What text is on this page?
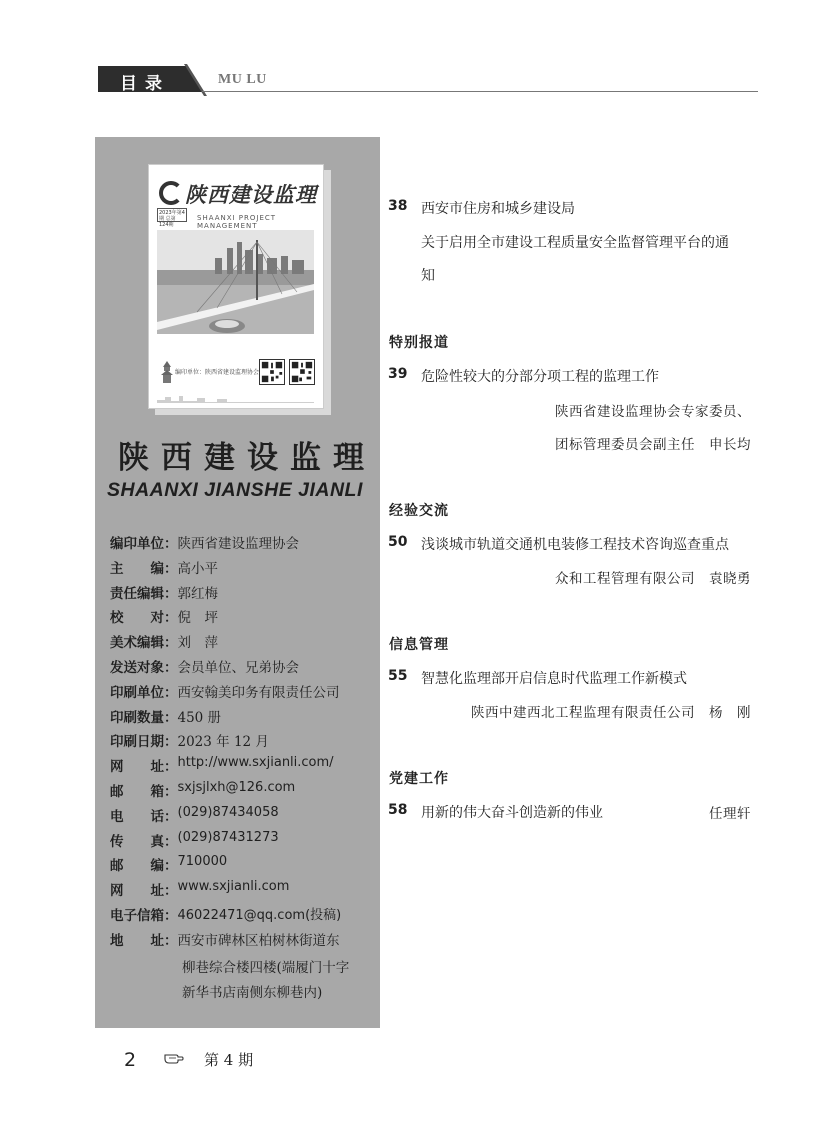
目录	MU LU
陕西建设监理
2023年第4期 总第124期
SHAANXI PROJECT MANAGEMENT
编印单位：陕西省建设监理协会
陕西建设监理
SHAANXI JIANSHE JIANLI
编印单位： 陕西省建设监理协会
主　　编： 高小平
责任编辑： 郭红梅
校　　对： 倪　坪
美术编辑： 刘　萍
发送对象： 会员单位、兄弟协会
印刷单位： 西安翰美印务有限责任公司
印刷数量： 450 册
印刷日期： 2023 年 12 月
网　　址： http://www.sxjianli.com/
邮　　箱： sxjsjlxh@126.com
电　　话： (029)87434058
传　　真： (029)87431273
邮　　编： 710000
网　　址： www.sxjianli.com
电子信箱： 46022471@qq.com(投稿)
地　　址： 西安市碑林区柏树林街道东
柳巷综合楼四楼(端履门十字
新华书店南侧东柳巷内)
2	第 4 期
38 西安市住房和城乡建设局
关于启用全市建设工程质量安全监督管理平台的通
知
特别报道
39 危险性较大的分部分项工程的监理工作
陕西省建设监理协会专家委员、
团标管理委员会副主任　申长均
经验交流
50 浅谈城市轨道交通机电装修工程技术咨询巡查重点
众和工程管理有限公司　袁晓勇
信息管理
55 智慧化监理部开启信息时代监理工作新模式
陕西中建西北工程监理有限责任公司　杨　刚
党建工作
58 用新的伟大奋斗创造新的伟业	任理轩
